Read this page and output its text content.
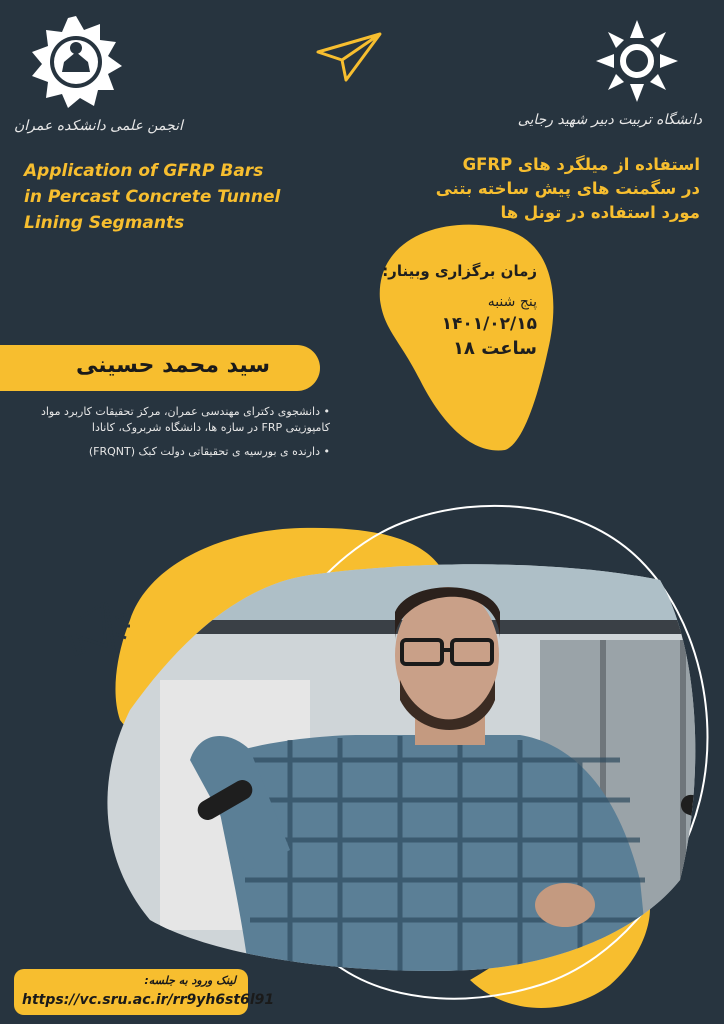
انجمن علمی دانشکده عمران	دانشگاه تربیت دبیر شهید رجایی
Application of GFRP Bars
in Percast Concrete Tunnel
Lining Segmants
استفاده از میلگرد های GFRP
در سگمنت های پیش ساخته بتنی
مورد استفاده در تونل ها
زمان برگزاری وبینار:
پنج شنبه
۱۴۰۱/۰۲/۱۵
ساعت ۱۸
سید محمد حسینی

• دانشجوی دکترای مهندسی عمران، مرکز تحقیقات کاربرد مواد کامپوزیتی FRP در سازه ها، دانشگاه شربروک، کانادا

• دارنده ی بورسیه ی تحقیقاتی دولت کبک (FRQNT)

لینک ورود به جلسه:
https://vc.sru.ac.ir/rr9yh6st6l91
